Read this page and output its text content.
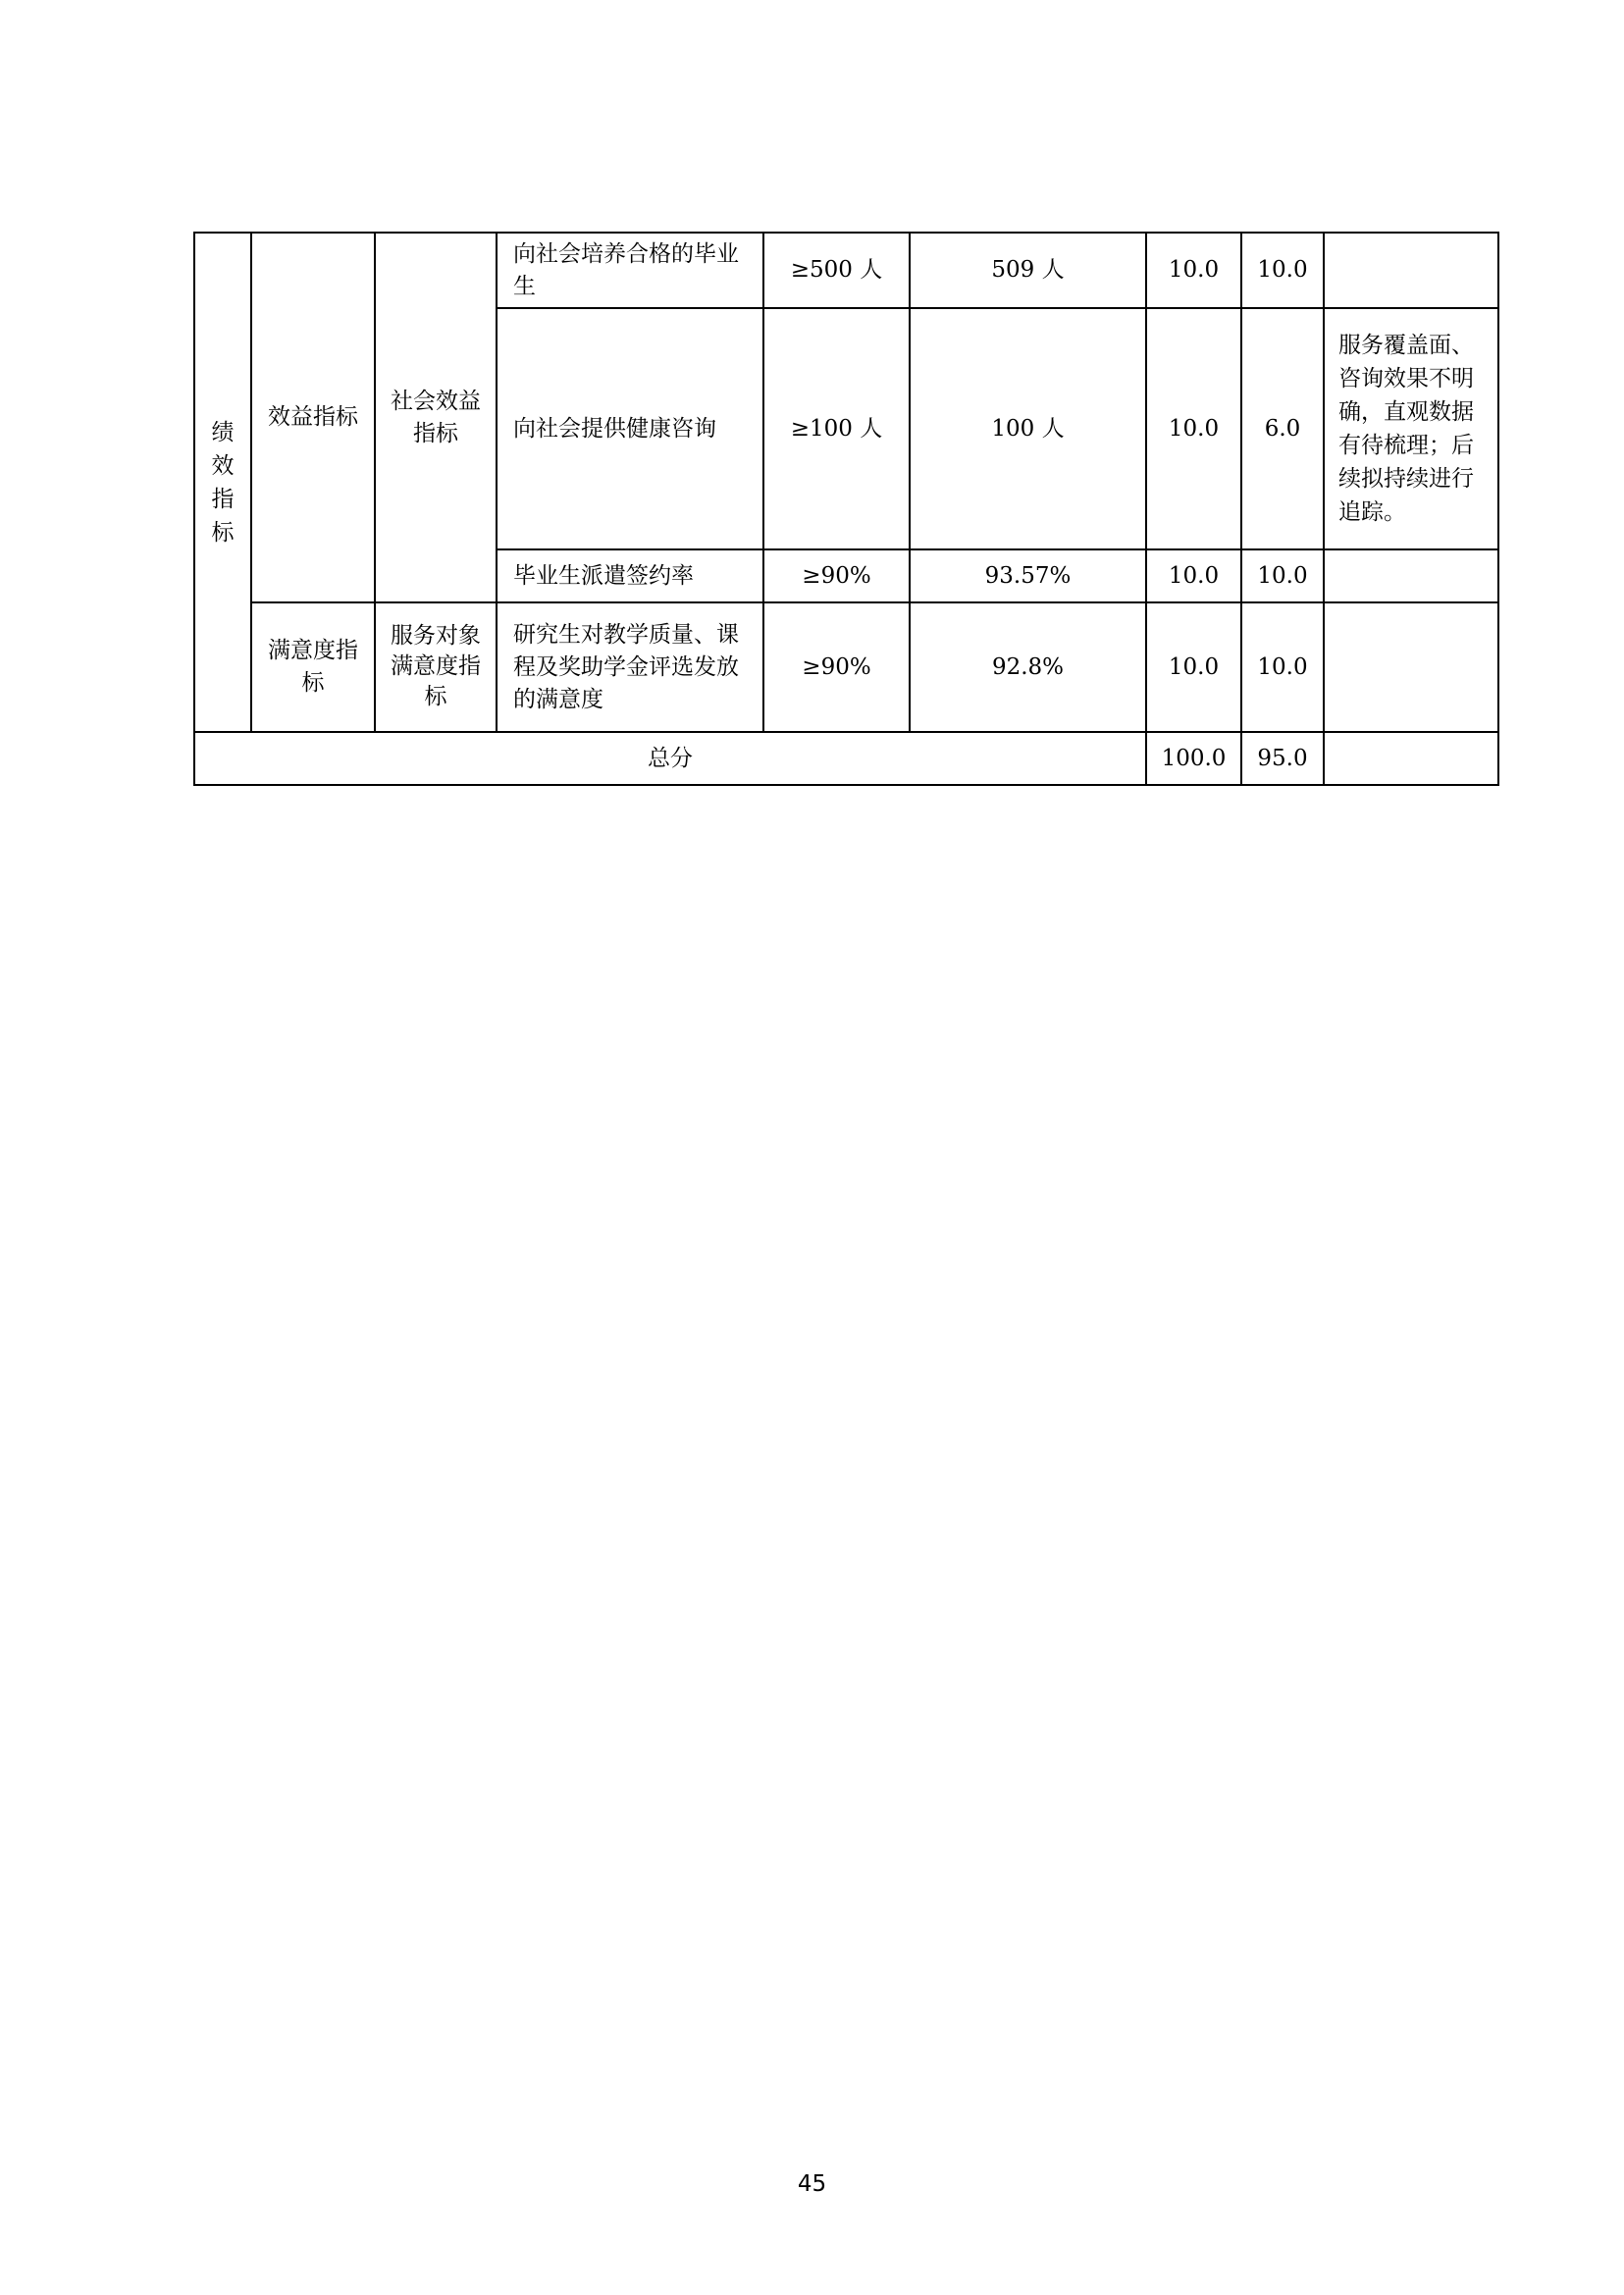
绩效指标	效益指标	社会效益指标	向社会培养合格的毕业生	≥500 人	509 人	10.0	10.0	
			向社会提供健康咨询	≥100 人	100 人	10.0	6.0	服务覆盖面、咨询效果不明确，直观数据有待梳理；后续拟持续进行追踪。
			毕业生派遣签约率	≥90%	93.57%	10.0	10.0	
	满意度指标	服务对象满意度指标	研究生对教学质量、课程及奖助学金评选发放的满意度	≥90%	92.8%	10.0	10.0	
总分						100.0	95.0	
45
